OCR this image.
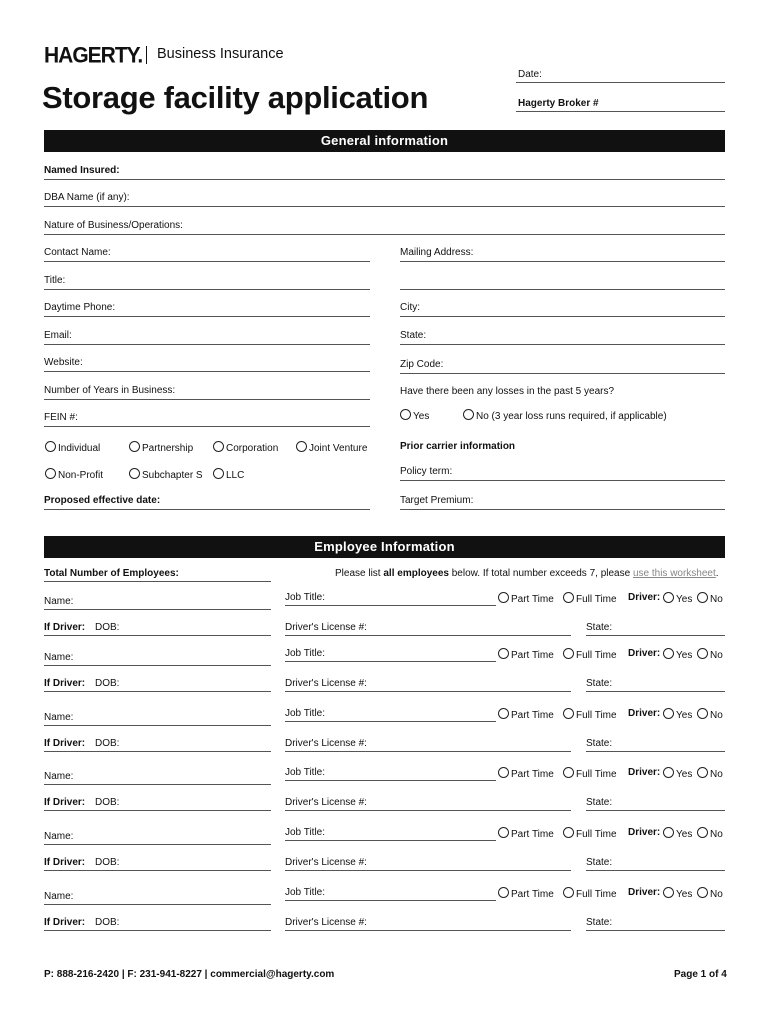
HAGERTY. Business Insurance
Storage facility application
Date:
Hagerty Broker #
General information
Named Insured:
DBA Name (if any):
Nature of Business/Operations:
Contact Name:	Mailing Address:
Title:
Daytime Phone:	City:
Email:	State:
Website:	Zip Code:
Number of Years in Business:	Have there been any losses in the past 5 years?
FEIN #:	Yes	No (3 year loss runs required, if applicable)
Individual	Partnership	Corporation	Joint Venture	Prior carrier information
Non-Profit	Subchapter S	LLC	Policy term:
Proposed effective date:	Target Premium:
Employee Information
Total Number of Employees:	Please list all employees below. If total number exceeds 7, please use this worksheet.
Name:	Job Title:	Part Time	Full Time Driver:	Yes	No
If Driver: DOB:	Driver's License #:	State:
Name:	Job Title:	Part Time	Full Time Driver:	Yes	No
If Driver: DOB:	Driver's License #:	State:
Name:	Job Title:	Part Time	Full Time Driver:	Yes	No
If Driver: DOB:	Driver's License #:	State:
Name:	Job Title:	Part Time	Full Time Driver:	Yes	No
If Driver: DOB:	Driver's License #:	State:
Name:	Job Title:	Part Time	Full Time Driver:	Yes	No
If Driver: DOB:	Driver's License #:	State:
Name:	Job Title:	Part Time	Full Time Driver:	Yes	No
If Driver: DOB:	Driver's License #:	State:
P: 888-216-2420 | F: 231-941-8227 | commercial@hagerty.com	Page 1 of 4
